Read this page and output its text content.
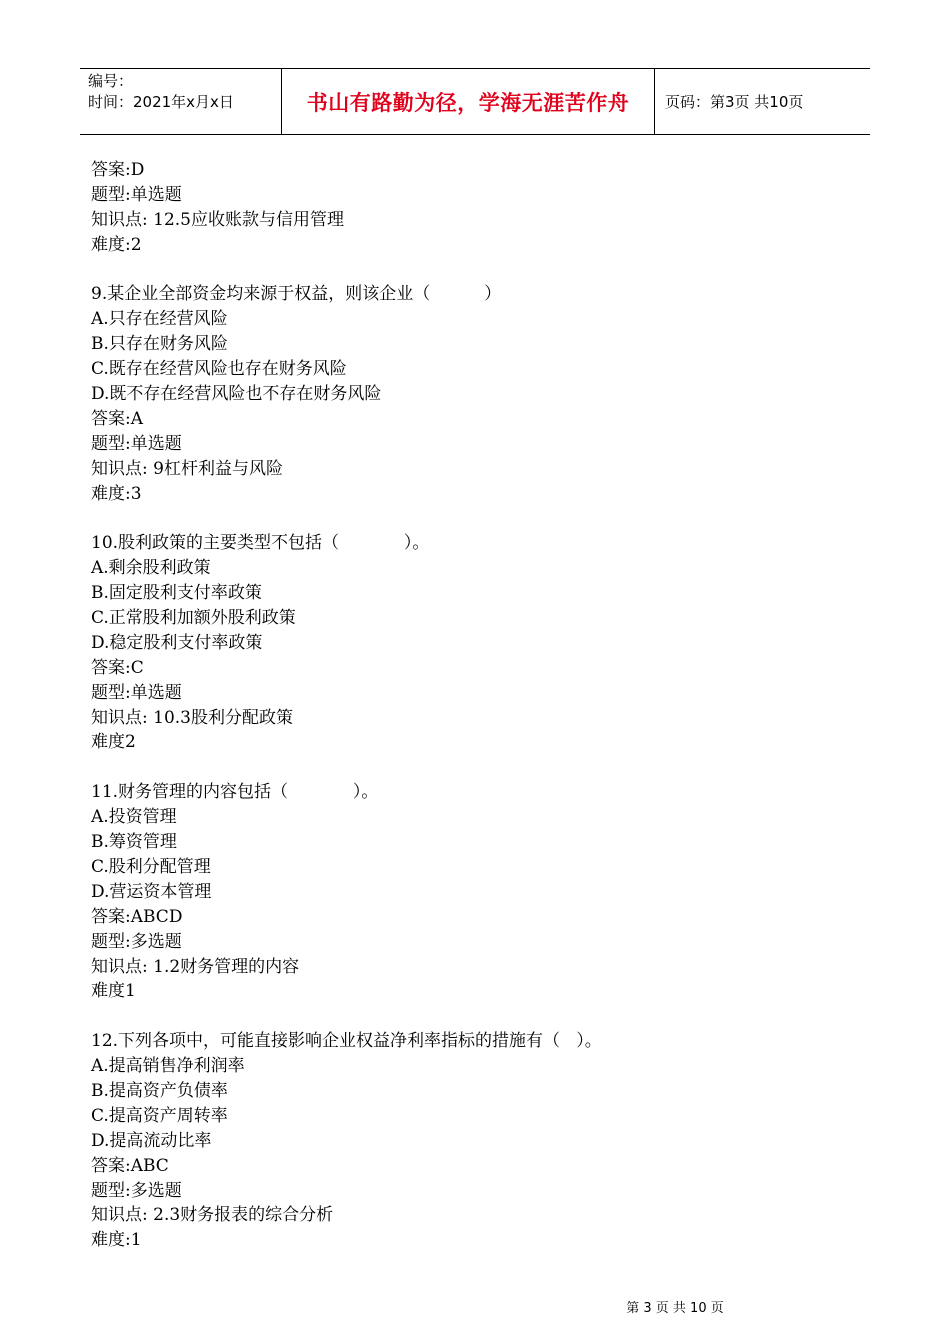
编号：
时间：2021年x月x日	书山有路勤为径，学海无涯苦作舟	页码：第3页 共10页
答案:D
题型:单选题
知识点: 12.5应收账款与信用管理
难度:2
9.某企业全部资金均来源于权益，则该企业（          ）
A.只存在经营风险
B.只存在财务风险
C.既存在经营风险也存在财务风险
D.既不存在经营风险也不存在财务风险
答案:A
题型:单选题
知识点: 9杠杆利益与风险
难度:3
10.股利政策的主要类型不包括（            ）。
A.剩余股利政策
B.固定股利支付率政策
C.正常股利加额外股利政策
D.稳定股利支付率政策
答案:C
题型:单选题
知识点: 10.3股利分配政策
难度2
11.财务管理的内容包括（            ）。
A.投资管理
B.筹资管理
C.股利分配管理
D.营运资本管理
答案:ABCD
题型:多选题
知识点: 1.2财务管理的内容
难度1
12.下列各项中，可能直接影响企业权益净利率指标的措施有（   ）。
A.提高销售净利润率
B.提高资产负债率
C.提高资产周转率
D.提高流动比率
答案:ABC
题型:多选题
知识点: 2.3财务报表的综合分析
难度:1
第 3 页 共 10 页
